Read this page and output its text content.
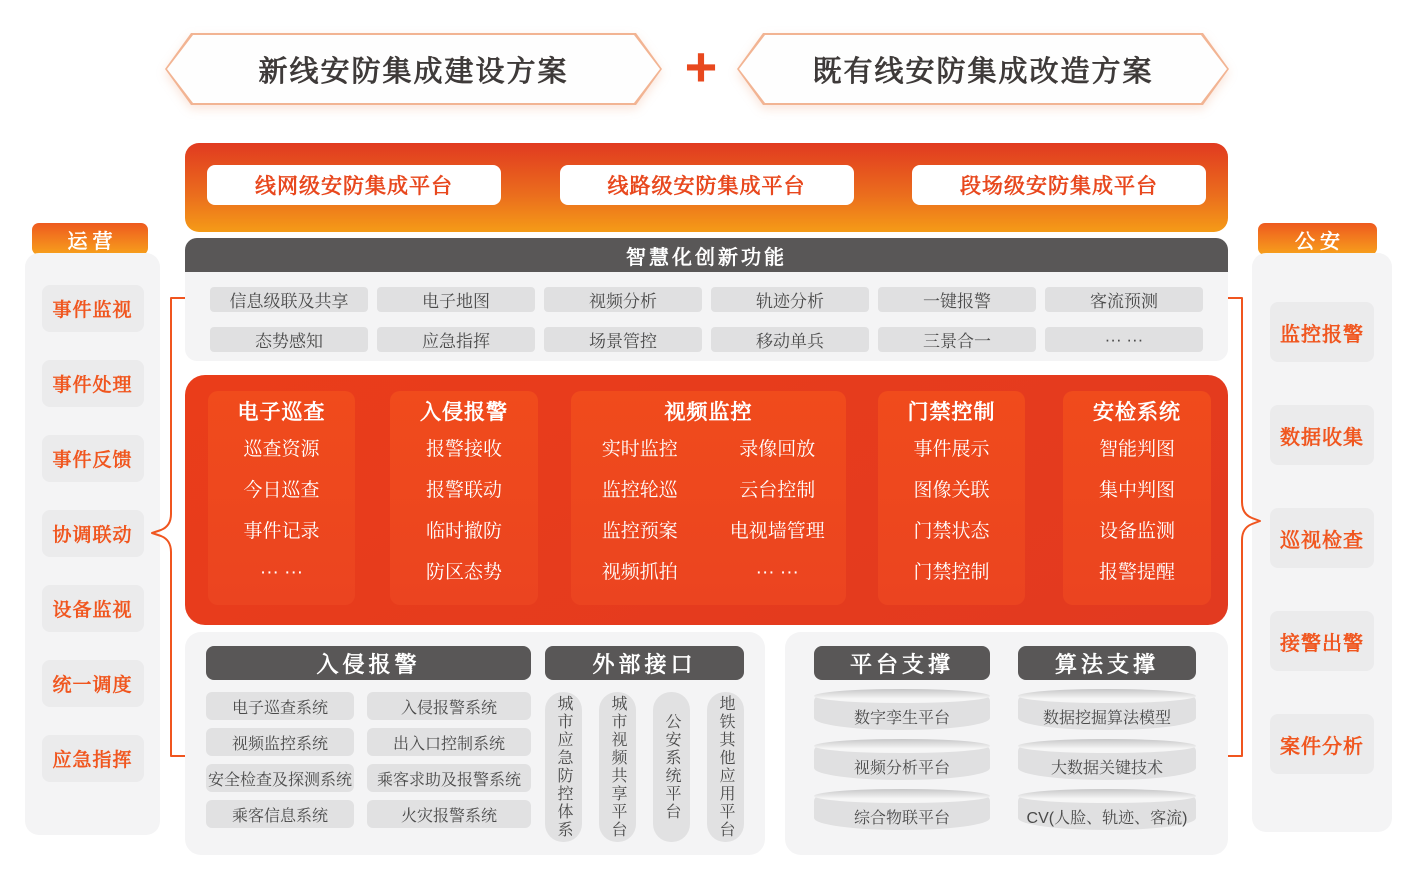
新线安防集成建设方案	+	既有线安防集成改造方案
线网级安防集成平台	线路级安防集成平台	段场级安防集成平台
智慧化创新功能
信息级联及共享	电子地图	视频分析	轨迹分析	一键报警	客流预测
态势感知	应急指挥	场景管控	移动单兵	三景合一	··· ···
电子巡查
巡查资源
今日巡查
事件记录
··· ···
入侵报警
报警接收
报警联动
临时撤防
防区态势
视频监控
实时监控	录像回放
监控轮巡	云台控制
监控预案	电视墙管理
视频抓拍	··· ···
门禁控制
事件展示
图像关联
门禁状态
门禁控制
安检系统
智能判图
集中判图
设备监测
报警提醒
入侵报警
电子巡查系统	入侵报警系统
视频监控系统	出入口控制系统
安全检查及探测系统	乘客求助及报警系统
乘客信息系统	火灾报警系统
外部接口
城市应急防控体系	城市视频共享平台	公安系统平台	地铁其他应用平台
平台支撑
数字孪生平台
视频分析平台
综合物联平台
算法支撑
数据挖掘算法模型
大数据关键技术
CV(人脸、轨迹、客流)
运营
事件监视
事件处理
事件反馈
协调联动
设备监视
统一调度
应急指挥
公安
监控报警
数据收集
巡视检查
接警出警
案件分析
